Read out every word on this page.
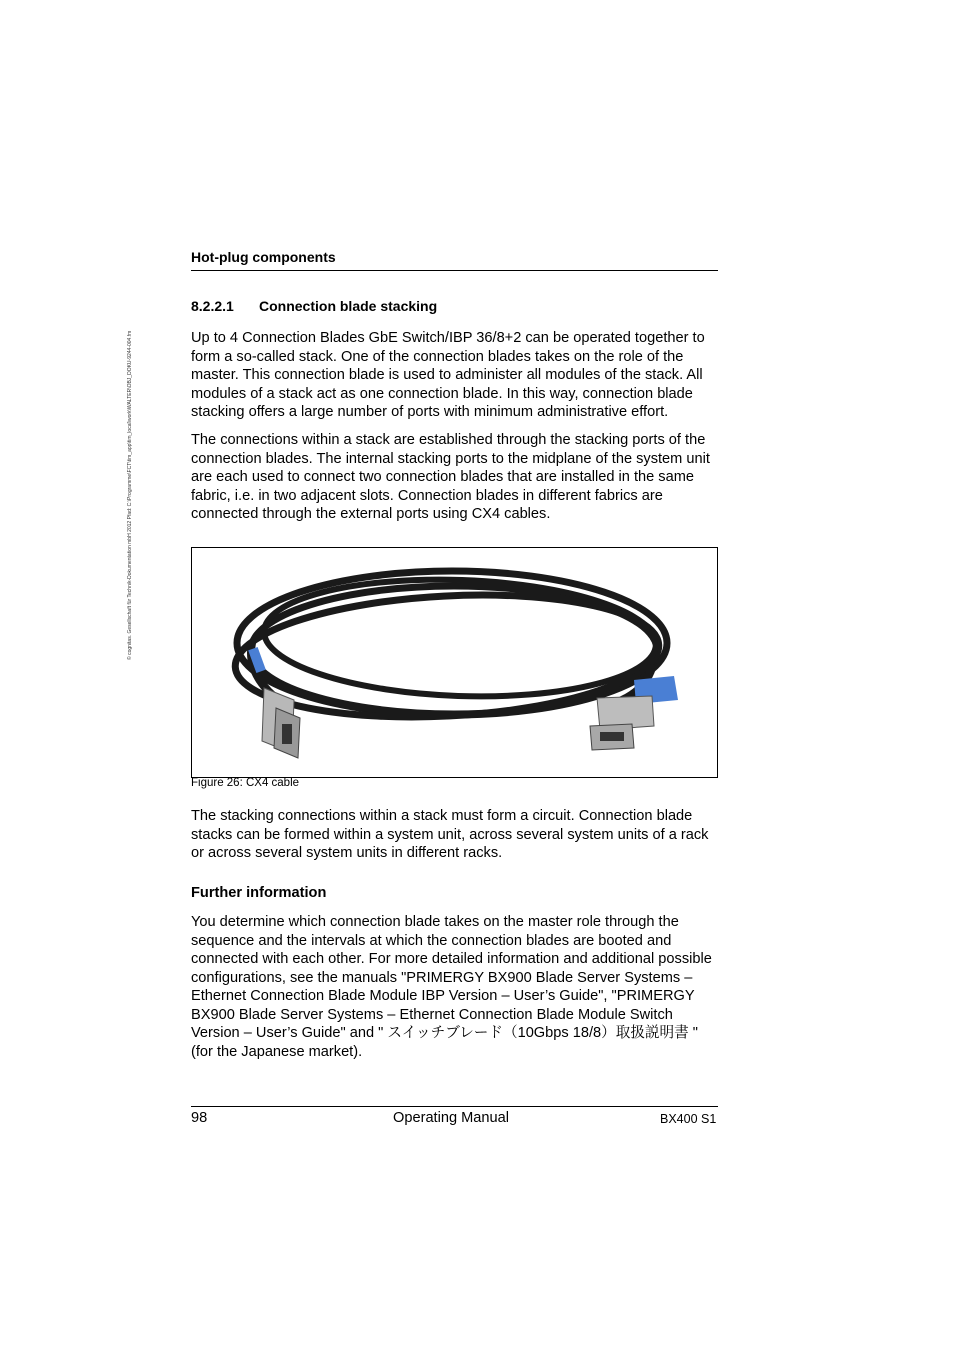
© cognitas. Gesellschaft für Technik-Dokumentation mbH 2012 Pfad: C:\Programme\FCT\tim_app\tim_local\work\WALTER\OBJ_DOKU-9244-004.fm
Hot-plug components
8.2.2.1 Connection blade stacking

Up to 4 Connection Blades GbE Switch/IBP 36/8+2 can be operated together to form a so-called stack. One of the connection blades takes on the role of the master. This connection blade is used to administer all modules of the stack. All modules of a stack act as one connection blade. In this way, connection blade stacking offers a large number of ports with minimum administrative effort.

The connections within a stack are established through the stacking ports of the connection blades. The internal stacking ports to the midplane of the system unit are each used to connect two connection blades that are installed in the same fabric, i.e. in two adjacent slots. Connection blades in different fabrics are connected through the external ports using CX4 cables.

Figure 26: CX4 cable

The stacking connections within a stack must form a circuit. Connection blade stacks can be formed within a system unit, across several system units of a rack or across several system units in different racks.

Further information

You determine which connection blade takes on the master role through the sequence and the intervals at which the connection blades are booted and connected with each other. For more detailed information and additional possible configurations, see the manuals "PRIMERGY BX900 Blade Server Systems – Ethernet Connection Blade Module IBP Version – User’s Guide", "PRIMERGY BX900 Blade Server Systems – Ethernet Connection Blade Module Switch Version – User’s Guide" and " スイッチブレード（10Gbps 18/8）取扱説明書 " (for the Japanese market).

98	Operating Manual	BX400 S1
